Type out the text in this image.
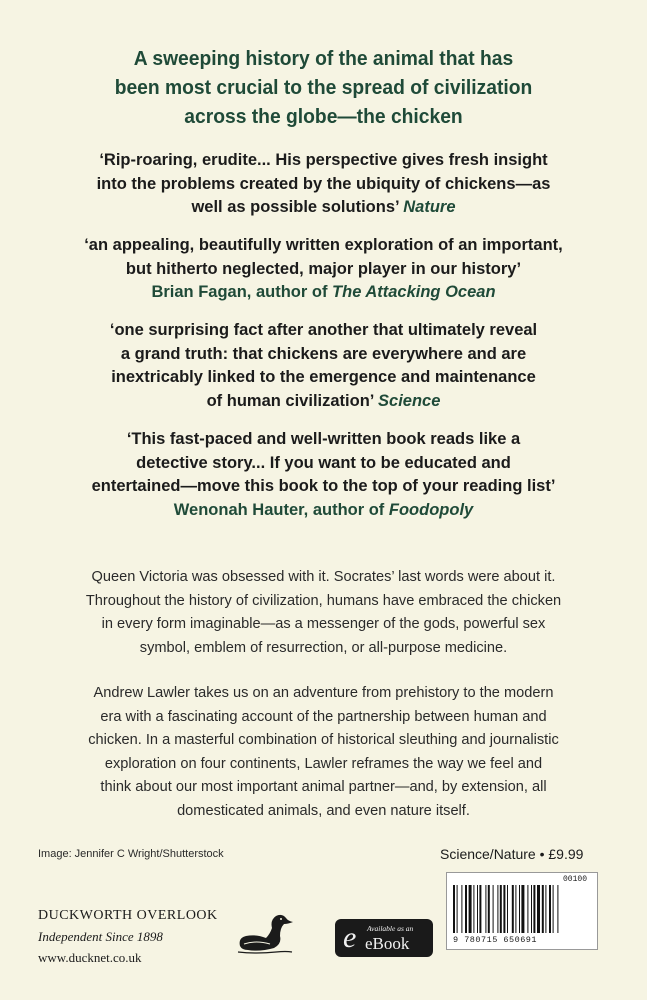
A sweeping history of the animal that has
been most crucial to the spread of civilization
across the globe—the chicken
‘Rip-roaring, erudite... His perspective gives fresh insight
into the problems created by the ubiquity of chickens—as
well as possible solutions’ Nature
‘an appealing, beautifully written exploration of an important,
but hitherto neglected, major player in our history’
Brian Fagan, author of The Attacking Ocean
‘one surprising fact after another that ultimately reveal
a grand truth: that chickens are everywhere and are
inextricably linked to the emergence and maintenance
of human civilization’ Science
‘This fast-paced and well-written book reads like a
detective story... If you want to be educated and
entertained—move this book to the top of your reading list’
Wenonah Hauter, author of Foodopoly
Queen Victoria was obsessed with it. Socrates’ last words were about it.
Throughout the history of civilization, humans have embraced the chicken
in every form imaginable—as a messenger of the gods, powerful sex
symbol, emblem of resurrection, or all-purpose medicine.
Andrew Lawler takes us on an adventure from prehistory to the modern
era with a fascinating account of the partnership between human and
chicken. In a masterful combination of historical sleuthing and journalistic
exploration on four continents, Lawler reframes the way we feel and
think about our most important animal partner—and, by extension, all
domesticated animals, and even nature itself.
Image: Jennifer C Wright/Shutterstock	Science/Nature • £9.99
DUCKWORTH OVERLOOK
Independent Since 1898
www.ducknet.co.uk
e Available as an
eBook
00100
9 780715 650691
